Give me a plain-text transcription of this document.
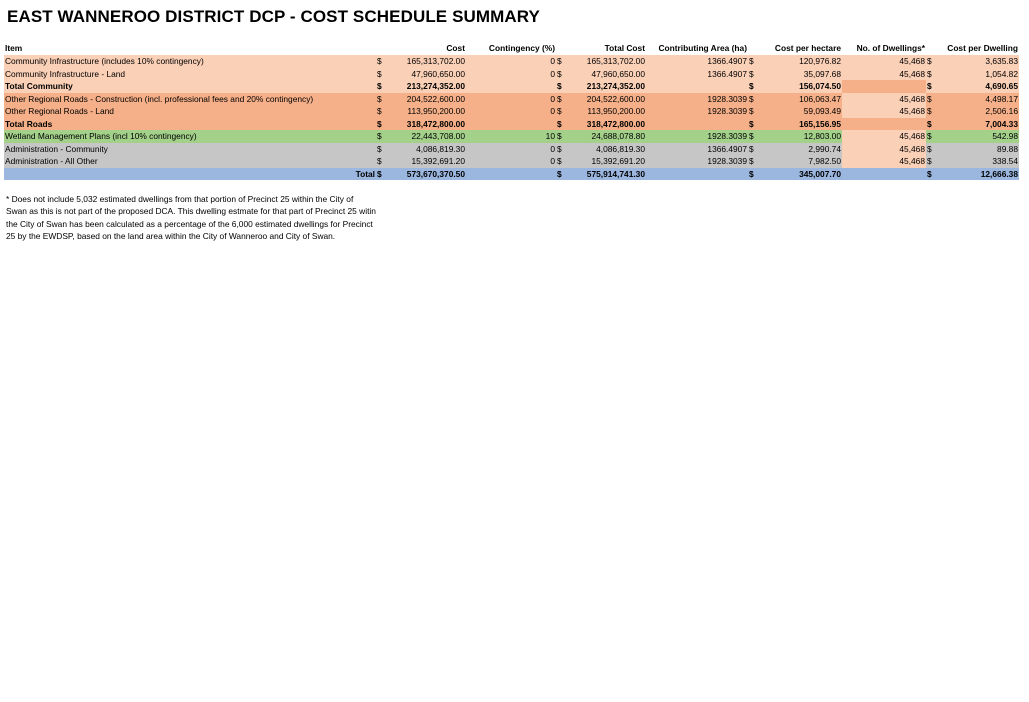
EAST WANNEROO DISTRICT DCP - COST SCHEDULE SUMMARY
Item		Cost	Contingency (%)		Total Cost	Contributing Area (ha)		Cost per hectare	No. of Dwellings*		Cost per Dwelling
Community Infrastructure (includes 10% contingency)	$	165,313,702.00	0	$	165,313,702.00	1366.4907	$	120,976.82	45,468	$	3,635.83
Community Infrastructure - Land	$	47,960,650.00	0	$	47,960,650.00	1366.4907	$	35,097.68	45,468	$	1,054.82
Total Community	$	213,274,352.00		$	213,274,352.00		$	156,074.50		$	4,690.65
Other Regional Roads - Construction (incl. professional fees and 20% contingency)	$	204,522,600.00	0	$	204,522,600.00	1928.3039	$	106,063.47	45,468	$	4,498.17
Other Regional Roads - Land	$	113,950,200.00	0	$	113,950,200.00	1928.3039	$	59,093.49	45,468	$	2,506.16
Total Roads	$	318,472,800.00		$	318,472,800.00		$	165,156.95		$	7,004.33
Wetland Management Plans (incl 10% contingency)	$	22,443,708.00	10	$	24,688,078.80	1928.3039	$	12,803.00	45,468	$	542.98
Administration - Community	$	4,086,819.30	0	$	4,086,819.30	1366.4907	$	2,990.74	45,468	$	89.88
Administration - All Other	$	15,392,691.20	0	$	15,392,691.20	1928.3039	$	7,982.50	45,468	$	338.54
Total	$	573,670,370.50		$	575,914,741.30		$	345,007.70		$	12,666.38
* Does not include 5,032 estimated dwellings from that portion of Precinct 25 within the City of Swan as this is not part of the proposed DCA. This dwelling estmate for that part of Precinct 25 witin the City of Swan has been calculated as a percentage of the 6,000 estimated dwellings for Precinct 25 by the EWDSP, based on the land area within the City of Wanneroo and City of Swan.
